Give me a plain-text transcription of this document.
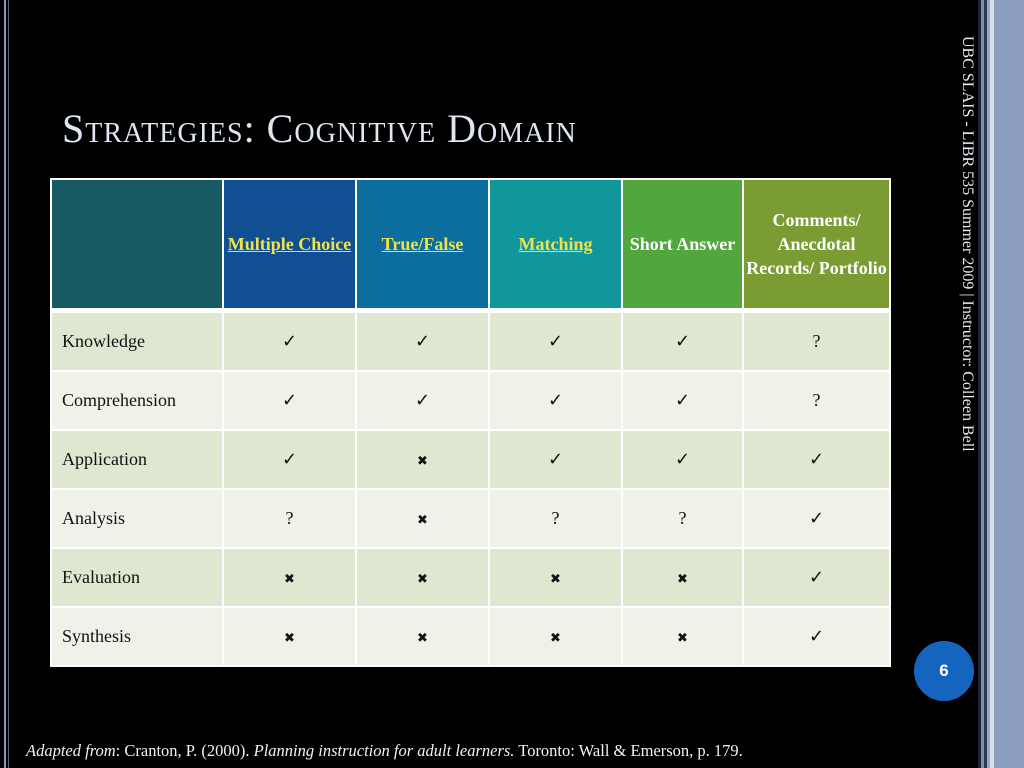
Strategies: Cognitive Domain	UBC SLAIS - LIBR 535 Summer 2009 | Instructor: Colleen Bell
	Multiple Choice	True/False	Matching	Short Answer	Comments/ Anecdotal Records/ Portfolio
Knowledge	✓	✓	✓	✓	?
Comprehension	✓	✓	✓	✓	?
Application	✓	✖	✓	✓	✓
Analysis	?	✖	?	?	✓
Evaluation	✖	✖	✖	✖	✓
Synthesis	✖	✖	✖	✖	✓
6
Adapted from: Cranton, P. (2000). Planning instruction for adult learners. Toronto: Wall & Emerson, p. 179.
